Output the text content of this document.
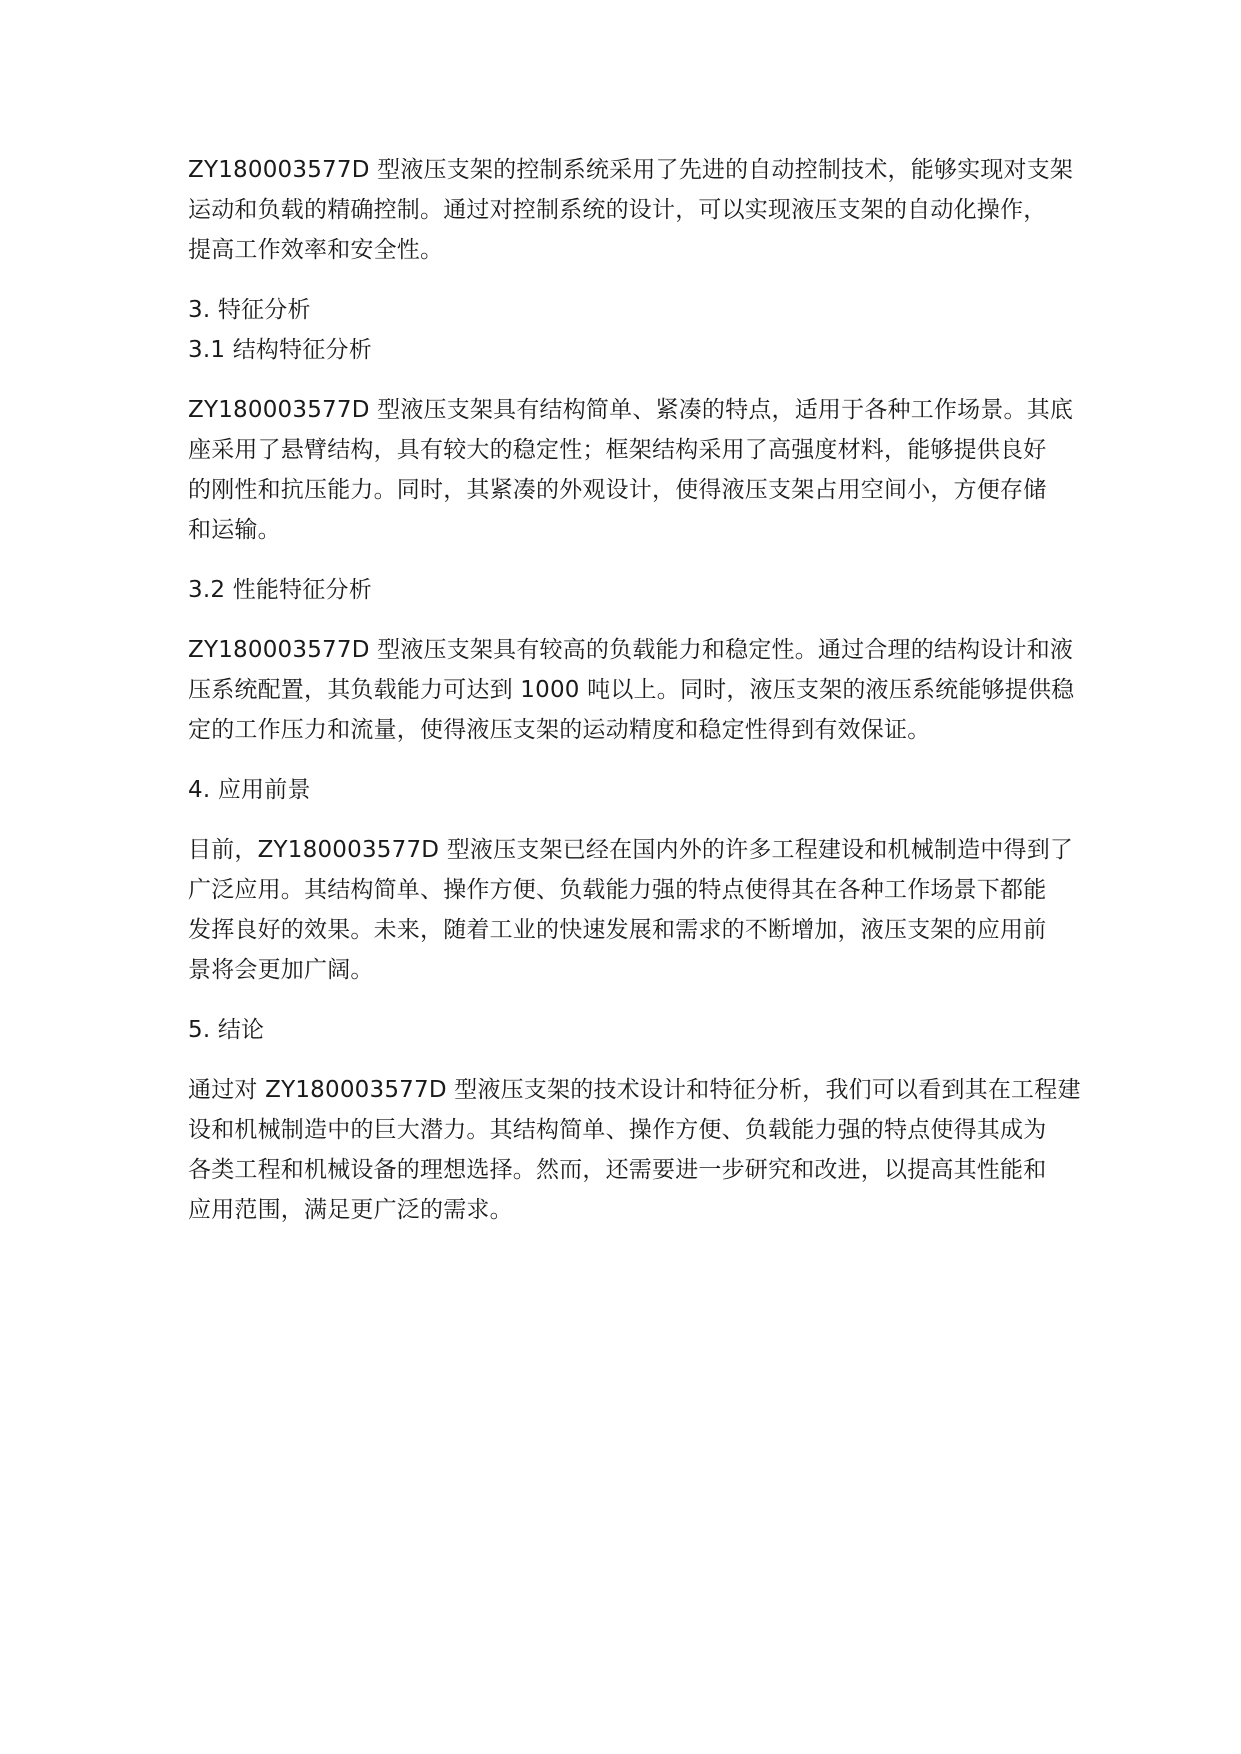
ZY180003577D 型液压支架的控制系统采用了先进的自动控制技术，能够实现对支架
运动和负载的精确控制。通过对控制系统的设计，可以实现液压支架的自动化操作，
提高工作效率和安全性。

3. 特征分析
3.1 结构特征分析

ZY180003577D 型液压支架具有结构简单、紧凑的特点，适用于各种工作场景。其底
座采用了悬臂结构，具有较大的稳定性；框架结构采用了高强度材料，能够提供良好
的刚性和抗压能力。同时，其紧凑的外观设计，使得液压支架占用空间小，方便存储
和运输。

3.2 性能特征分析

ZY180003577D 型液压支架具有较高的负载能力和稳定性。通过合理的结构设计和液
压系统配置，其负载能力可达到 1000 吨以上。同时，液压支架的液压系统能够提供稳
定的工作压力和流量，使得液压支架的运动精度和稳定性得到有效保证。

4. 应用前景

目前，ZY180003577D 型液压支架已经在国内外的许多工程建设和机械制造中得到了
广泛应用。其结构简单、操作方便、负载能力强的特点使得其在各种工作场景下都能
发挥良好的效果。未来，随着工业的快速发展和需求的不断增加，液压支架的应用前
景将会更加广阔。

5. 结论

通过对 ZY180003577D 型液压支架的技术设计和特征分析，我们可以看到其在工程建
设和机械制造中的巨大潜力。其结构简单、操作方便、负载能力强的特点使得其成为
各类工程和机械设备的理想选择。然而，还需要进一步研究和改进，以提高其性能和
应用范围，满足更广泛的需求。
